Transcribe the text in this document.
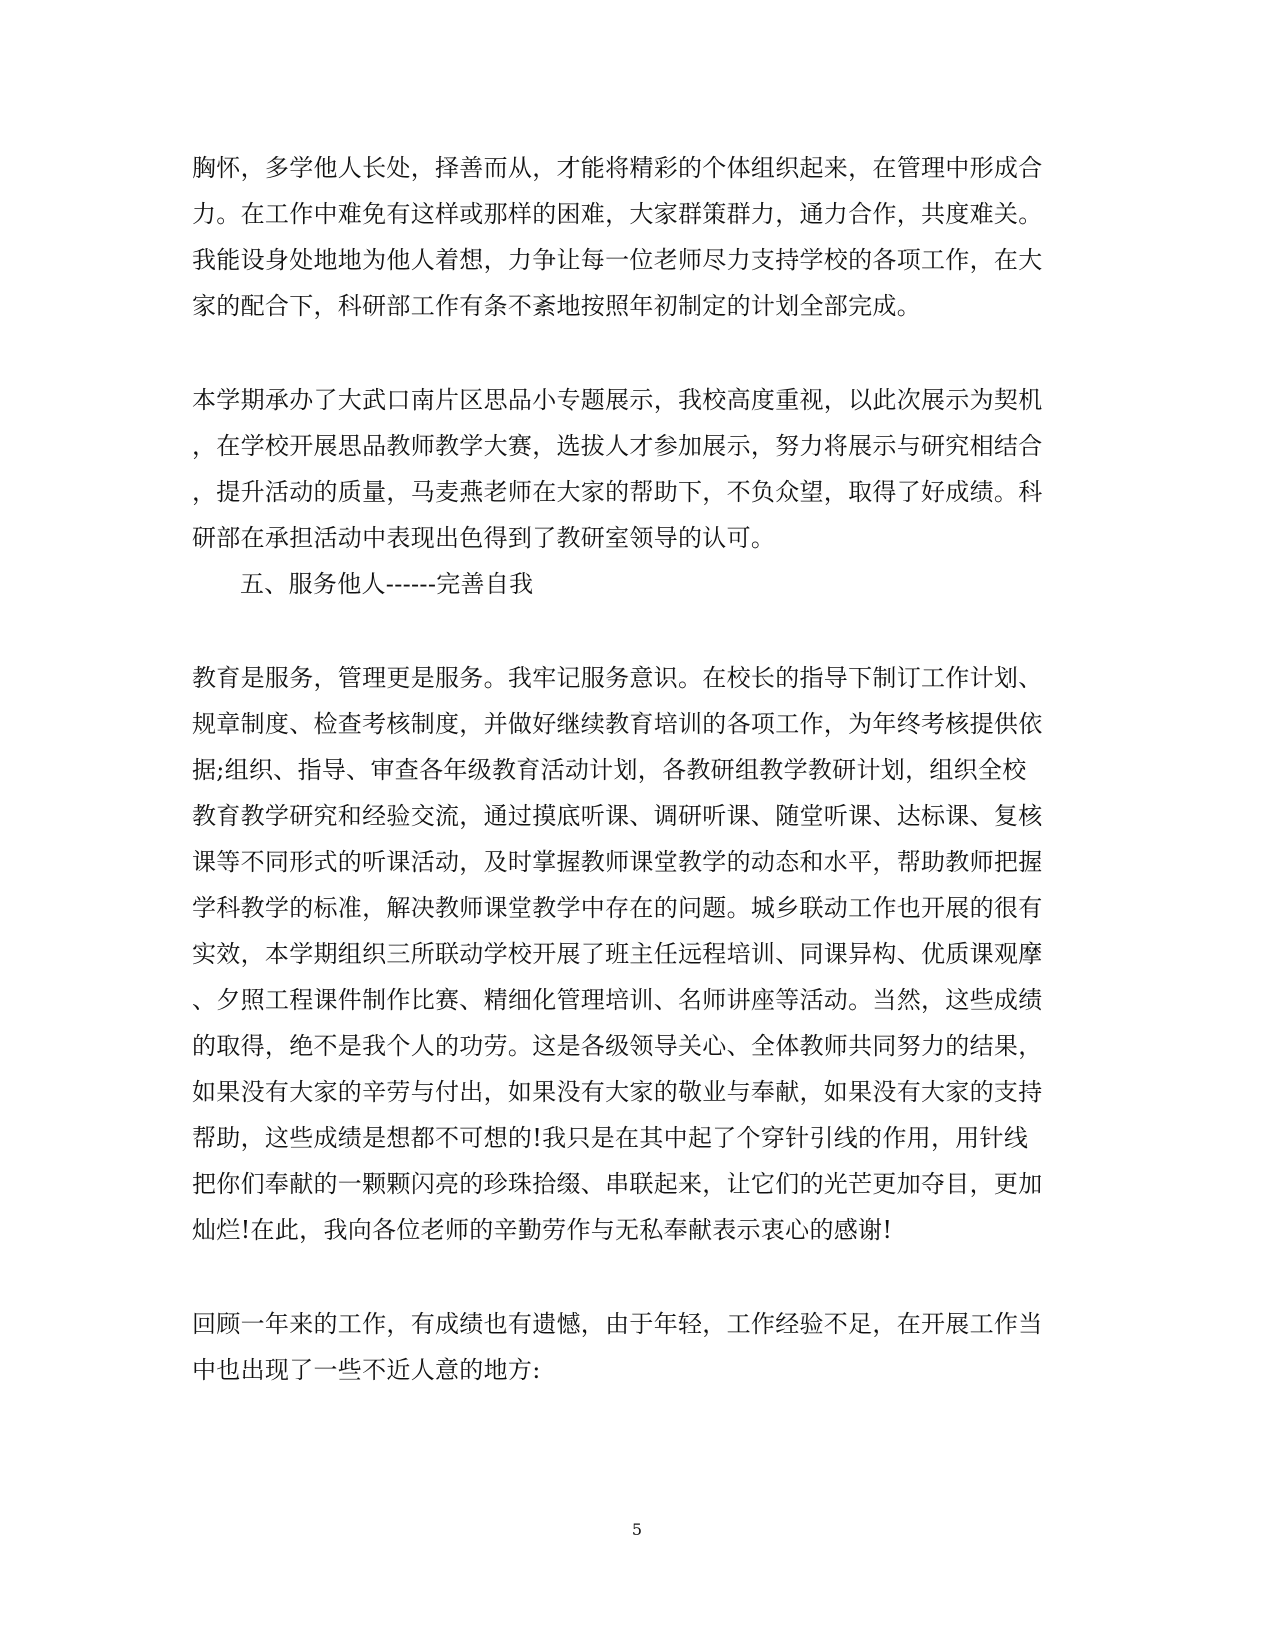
胸怀，多学他人长处，择善而从，才能将精彩的个体组织起来，在管理中形成合
力。在工作中难免有这样或那样的困难，大家群策群力，通力合作，共度难关。
我能设身处地地为他人着想，力争让每一位老师尽力支持学校的各项工作，在大
家的配合下，科研部工作有条不紊地按照年初制定的计划全部完成。
本学期承办了大武口南片区思品小专题展示，我校高度重视，以此次展示为契机
，在学校开展思品教师教学大赛，选拔人才参加展示，努力将展示与研究相结合
，提升活动的质量，马麦燕老师在大家的帮助下，不负众望，取得了好成绩。科
研部在承担活动中表现出色得到了教研室领导的认可。
五、服务他人------完善自我
教育是服务，管理更是服务。我牢记服务意识。在校长的指导下制订工作计划、
规章制度、检查考核制度，并做好继续教育培训的各项工作，为年终考核提供依
据;组织、指导、审查各年级教育活动计划，各教研组教学教研计划，组织全校
教育教学研究和经验交流，通过摸底听课、调研听课、随堂听课、达标课、复核
课等不同形式的听课活动，及时掌握教师课堂教学的动态和水平，帮助教师把握
学科教学的标准，解决教师课堂教学中存在的问题。城乡联动工作也开展的很有
实效，本学期组织三所联动学校开展了班主任远程培训、同课异构、优质课观摩
、夕照工程课件制作比赛、精细化管理培训、名师讲座等活动。当然，这些成绩
的取得，绝不是我个人的功劳。这是各级领导关心、全体教师共同努力的结果，
如果没有大家的辛劳与付出，如果没有大家的敬业与奉献，如果没有大家的支持
帮助，这些成绩是想都不可想的!我只是在其中起了个穿针引线的作用，用针线
把你们奉献的一颗颗闪亮的珍珠拾缀、串联起来，让它们的光芒更加夺目，更加
灿烂!在此，我向各位老师的辛勤劳作与无私奉献表示衷心的感谢!
回顾一年来的工作，有成绩也有遗憾，由于年轻，工作经验不足，在开展工作当
中也出现了一些不近人意的地方:
5
